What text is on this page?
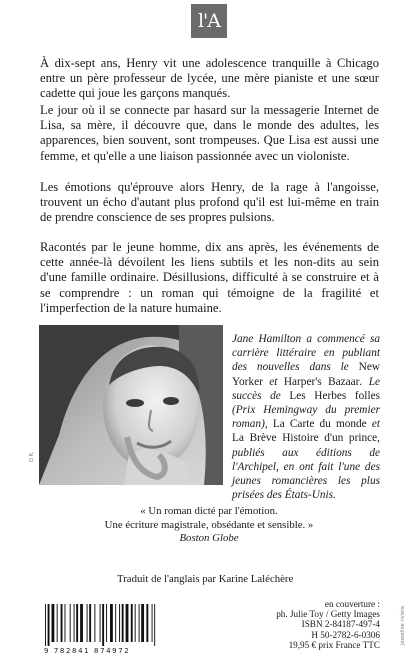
l'A

À dix-sept ans, Henry vit une adolescence tranquille à Chicago entre un père professeur de lycée, une mère pianiste et une sœur cadette qui joue les garçons manqués.

Le jour où il se connecte par hasard sur la messagerie Internet de Lisa, sa mère, il découvre que, dans le monde des adultes, les apparences, bien souvent, sont trompeuses. Que Lisa est aussi une femme, et qu'elle a une liaison passionnée avec un violoniste.

Les émotions qu'éprouve alors Henry, de la rage à l'angoisse, trouvent un écho d'autant plus profond qu'il est lui-même en train de prendre conscience de ses propres pulsions.

Racontés par le jeune homme, dix ans après, les événements de cette année-là dévoilent les liens subtils et les non-dits au sein d'une famille ordinaire. Désillusions, difficulté à se construire et à se comprendre : un roman qui témoigne de la fragilité et l'imperfection de la nature humaine.

D.R.

Jane Hamilton a commencé sa carrière littéraire en publiant des nouvelles dans le New Yorker et Harper's Bazaar. Le succès de Les Herbes folles (Prix Hemingway du premier roman), La Carte du monde et La Brève Histoire d'un prince, publiés aux éditions de l'Archipel, en ont fait l'une des jeunes romancières les plus prisées des États-Unis.

« Un roman dicté par l'émotion.
Une écriture magistrale, obsédante et sensible. »
Boston Globe
Traduit de l'anglais par Karine Laléchère
9 782841 874972
en couverture :
ph. Julie Toy / Getty Images
ISBN 2-84187-497-4
H 50-2782-6-0306
19,95 € prix France TTC	josseline rivière
